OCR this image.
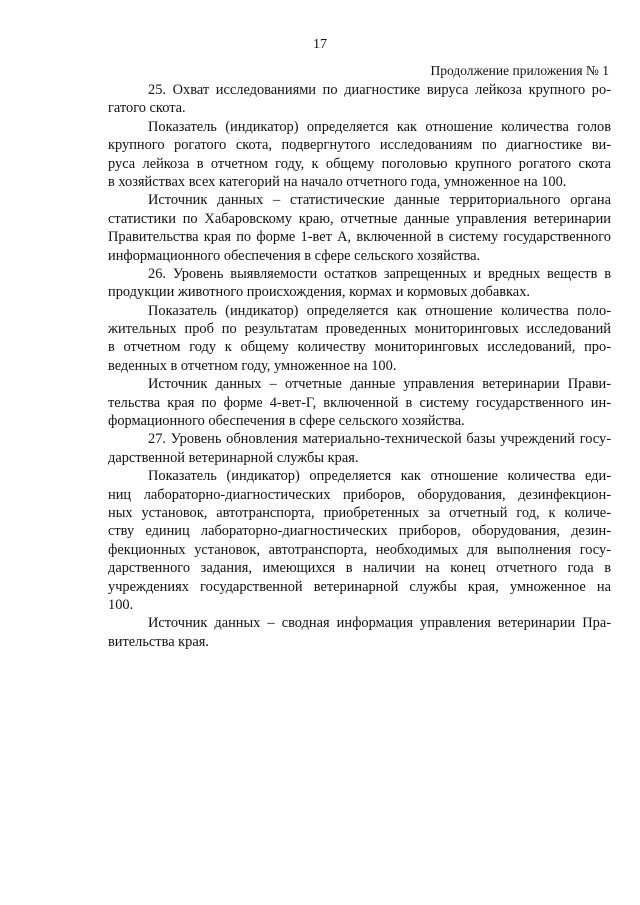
17
Продолжение приложения № 1
25. Охват исследованиями по диагностике вируса лейкоза крупного ро-
гатого скота.
Показатель (индикатор) определяется как отношение количества голов
крупного рогатого скота, подвергнутого исследованиям по диагностике ви-
руса лейкоза в отчетном году, к общему поголовью крупного рогатого скота
в хозяйствах всех категорий на начало отчетного года, умноженное на 100.
Источник данных – статистические данные территориального органа
статистики по Хабаровскому краю, отчетные данные управления ветеринарии
Правительства края по форме 1-вет А, включенной в систему государственного
информационного обеспечения в сфере сельского хозяйства.
26. Уровень выявляемости остатков запрещенных и вредных веществ в
продукции животного происхождения, кормах и кормовых добавках.
Показатель (индикатор) определяется как отношение количества поло-
жительных проб по результатам проведенных мониторинговых исследований
в отчетном году к общему количеству мониторинговых исследований, про-
веденных в отчетном году, умноженное на 100.
Источник данных – отчетные данные управления ветеринарии Прави-
тельства края по форме 4-вет-Г, включенной в систему государственного ин-
формационного обеспечения в сфере сельского хозяйства.
27. Уровень обновления материально-технической базы учреждений госу-
дарственной ветеринарной службы края.
Показатель (индикатор) определяется как отношение количества еди-
ниц лабораторно-диагностических приборов, оборудования, дезинфекцион-
ных установок, автотранспорта, приобретенных за отчетный год, к количе-
ству единиц лабораторно-диагностических приборов, оборудования, дезин-
фекционных установок, автотранспорта, необходимых для выполнения госу-
дарственного задания, имеющихся в наличии на конец отчетного года в
учреждениях государственной ветеринарной службы края, умноженное на
100.
Источник данных – сводная информация управления ветеринарии Пра-
вительства края.
